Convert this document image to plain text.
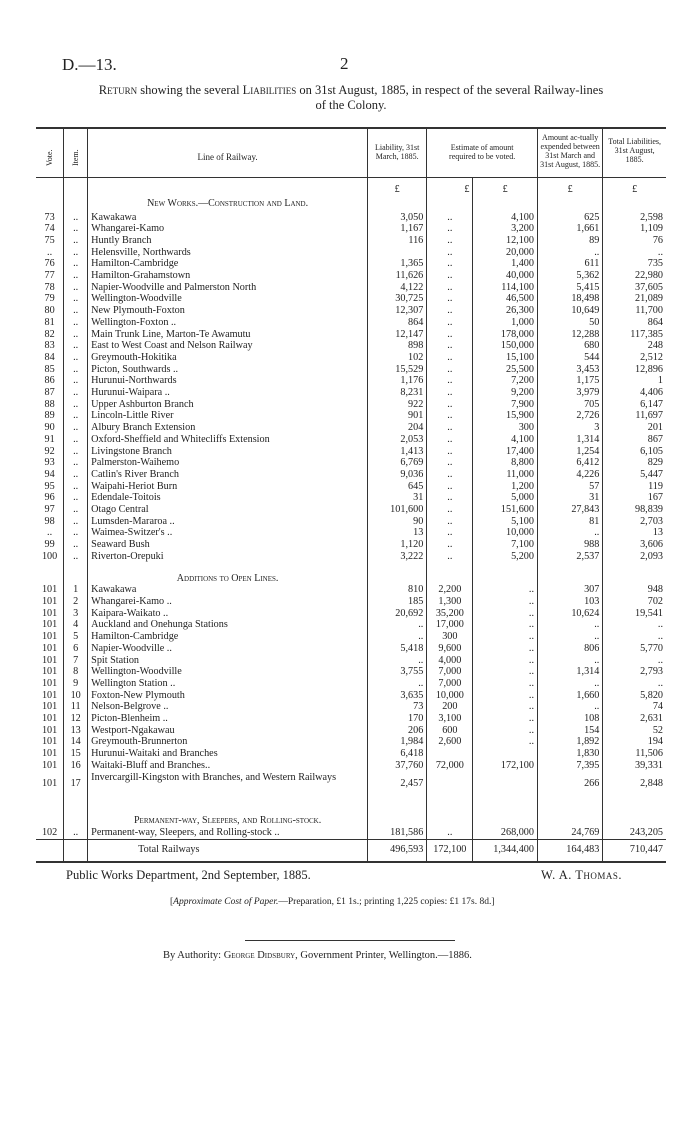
D.—13.	2
Return showing the several Liabilities on 31st August, 1885, in respect of the several Railway-lines
of the Colony.
Vote.	Item.	Line of Railway.	Liability, 31st March, 1885.	Estimate of amount required to be voted.		Amount ac-tually expended between 31st March and 31st August, 1885.	Total Liabilities, 31st August, 1885.

			£	£	£	£	£
		New Works.—Construction and Land.					
73	..	Kawakawa	3,050	..	4,100	625	2,598
74	..	Whangarei-Kamo	1,167	..	3,200	1,661	1,109
75	..	Huntly Branch	116	..	12,100	89	76
..	..	Helensville, Northwards		..	20,000	..	..
76	..	Hamilton-Cambridge	1,365	..	1,400	611	735
77	..	Hamilton-Grahamstown	11,626	..	40,000	5,362	22,980
78	..	Napier-Woodville and Palmerston North	4,122	..	114,100	5,415	37,605
79	..	Wellington-Woodville	30,725	..	46,500	18,498	21,089
80	..	New Plymouth-Foxton	12,307	..	26,300	10,649	11,700
81	..	Wellington-Foxton ..	864	..	1,000	50	864
82	..	Main Trunk Line, Marton-Te Awamutu	12,147	..	178,000	12,288	117,385
83	..	East to West Coast and Nelson Railway	898	..	150,000	680	248
84	..	Greymouth-Hokitika	102	..	15,100	544	2,512
85	..	Picton, Southwards ..	15,529	..	25,500	3,453	12,896
86	..	Hurunui-Northwards	1,176	..	7,200	1,175	1
87	..	Hurunui-Waipara ..	8,231	..	9,200	3,979	4,406
88	..	Upper Ashburton Branch	922	..	7,900	705	6,147
89	..	Lincoln-Little River	901	..	15,900	2,726	11,697
90	..	Albury Branch Extension	204	..	300	3	201
91	..	Oxford-Sheffield and Whitecliffs Extension	2,053	..	4,100	1,314	867
92	..	Livingstone Branch	1,413	..	17,400	1,254	6,105
93	..	Palmerston-Waihemo	6,769	..	8,800	6,412	829
94	..	Catlin's River Branch	9,036	..	11,000	4,226	5,447
95	..	Waipahi-Heriot Burn	645	..	1,200	57	119
96	..	Edendale-Toitois	31	..	5,000	31	167
97	..	Otago Central	101,600	..	151,600	27,843	98,839
98	..	Lumsden-Mararoa ..	90	..	5,100	81	2,703
..	..	Waimea-Switzer's ..	13	..	10,000	..	13
99	..	Seaward Bush	1,120	..	7,100	988	3,606
100	..	Riverton-Orepuki	3,222	..	5,200	2,537	2,093
		Additions to Open Lines.					
101	1	Kawakawa	810	2,200	..	307	948
101	2	Whangarei-Kamo ..	185	1,300	..	103	702
101	3	Kaipara-Waikato ..	20,692	35,200	..	10,624	19,541
101	4	Auckland and Onehunga Stations	..	17,000	..	..	..
101	5	Hamilton-Cambridge	..	300	..	..	..
101	6	Napier-Woodville ..	5,418	9,600	..	806	5,770
101	7	Spit Station	..	4,000	..	..	..
101	8	Wellington-Woodville	3,755	7,000	..	1,314	2,793
101	9	Wellington Station ..	..	7,000	..	..	..
101	10	Foxton-New Plymouth	3,635	10,000	..	1,660	5,820
101	11	Nelson-Belgrove ..	73	200	..	..	74
101	12	Picton-Blenheim ..	170	3,100	..	108	2,631
101	13	Westport-Ngakawau	206	600	..	154	52
101	14	Greymouth-Brunnerton	1,984	2,600	..	1,892	194
101	15	Hurunui-Waitaki and Branches	6,418			1,830	11,506
101	16	Waitaki-Bluff and Branches..	37,760	72,000	172,100	7,395	39,331
101	17	Invercargill-Kingston with Branches, and Western Railways	2,457			266	2,848
		Permanent-way, Sleepers, and Rolling-stock.					
102	..	Permanent-way, Sleepers, and Rolling-stock ..	181,586	..	268,000	24,769	243,205
		Total Railways	496,593	172,100	1,344,400	164,483	710,447
Public Works Department, 2nd September, 1885.	W. A. Thomas.
[Approximate Cost of Paper.—Preparation, £1 1s.; printing 1,225 copies: £1 17s. 8d.]
By Authority: George Didsbury, Government Printer, Wellington.—1886.
